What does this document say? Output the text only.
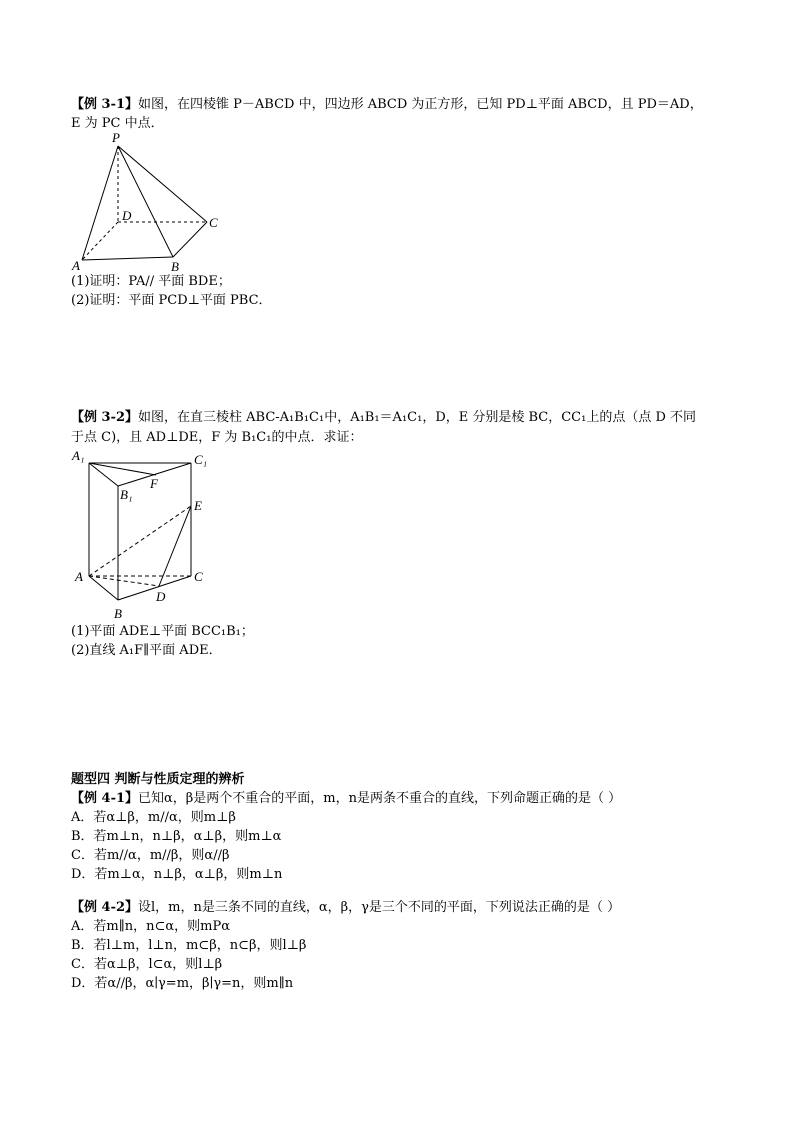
【例 3-1】如图，在四棱锥 P－ABCD 中，四边形 ABCD 为正方形，已知 PD⊥平面 ABCD，且 PD＝AD，
E 为 PC 中点．
P
D	C
A	B
(1)证明：PA// 平面 BDE；
(2)证明：平面 PCD⊥平面 PBC．
【例 3-2】如图，在直三棱柱 ABC-A₁B₁C₁中，A₁B₁＝A₁C₁，D，E 分别是棱 BC，CC₁上的点（点 D 不同
于点 C)，且 AD⊥DE，F 为 B₁C₁的中点．求证：
A₁	C₁
B₁
F
E
A	C
D
B
(1)平面 ADE⊥平面 BCC₁B₁；
(2)直线 A₁F∥平面 ADE．
题型四 判断与性质定理的辨析
【例 4-1】已知α，β是两个不重合的平面，m，n是两条不重合的直线，下列命题正确的是（ ）
A．若α⊥β，m//α，则m⊥β
B．若m⊥n，n⊥β，α⊥β，则m⊥α
C．若m//α，m//β，则α//β
D．若m⊥α，n⊥β，α⊥β，则m⊥n
【例 4-2】设l，m，n是三条不同的直线，α，β，γ是三个不同的平面，下列说法正确的是（ ）
A．若m∥n，n⊂α，则mPα
B．若l⊥m，l⊥n，m⊂β，n⊂β，则l⊥β
C．若α⊥β，l⊂α，则l⊥β
D．若α//β，α∣γ=m，β∣γ=n，则m∥n
